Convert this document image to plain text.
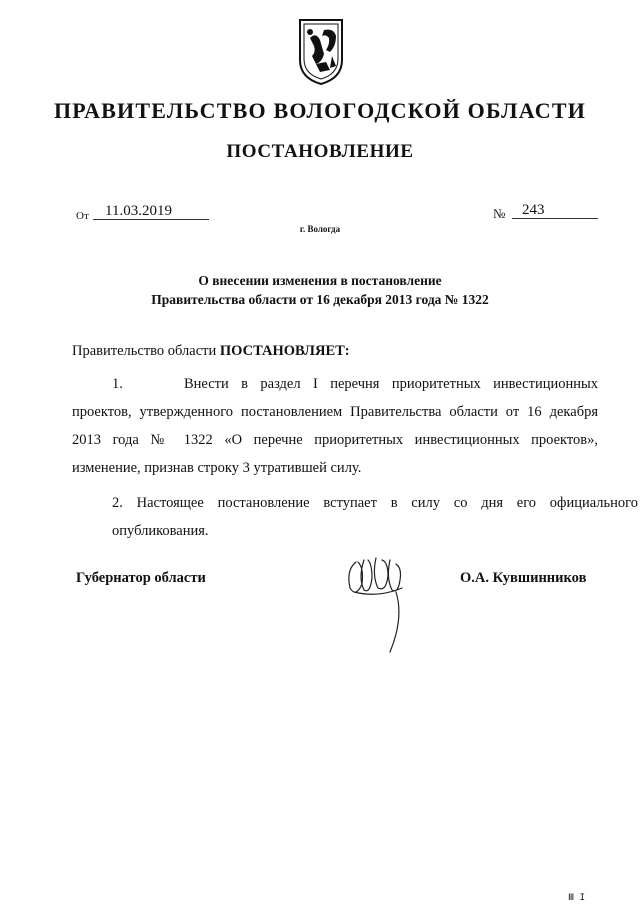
ПРАВИТЕЛЬСТВО ВОЛОГОДСКОЙ ОБЛАСТИ
ПОСТАНОВЛЕНИЕ
От	11.03.2019	№	243
г. Вологда
О внесении изменения в постановление
Правительства области от 16 декабря 2013 года № 1322
Правительство области ПОСТАНОВЛЯЕТ:
1.	Внести в раздел I перечня приоритетных инвестиционных проектов, утвержденного постановлением Правительства области от 16 декабря 2013 года № 1322 «О перечне приоритетных инвестиционных проектов», изменение, признав строку 3 утратившей силу.
2. Настоящее постановление вступает в силу со дня его официального опубликования.
Губернатор области	О.А. Кувшинников
Ⅲ I
